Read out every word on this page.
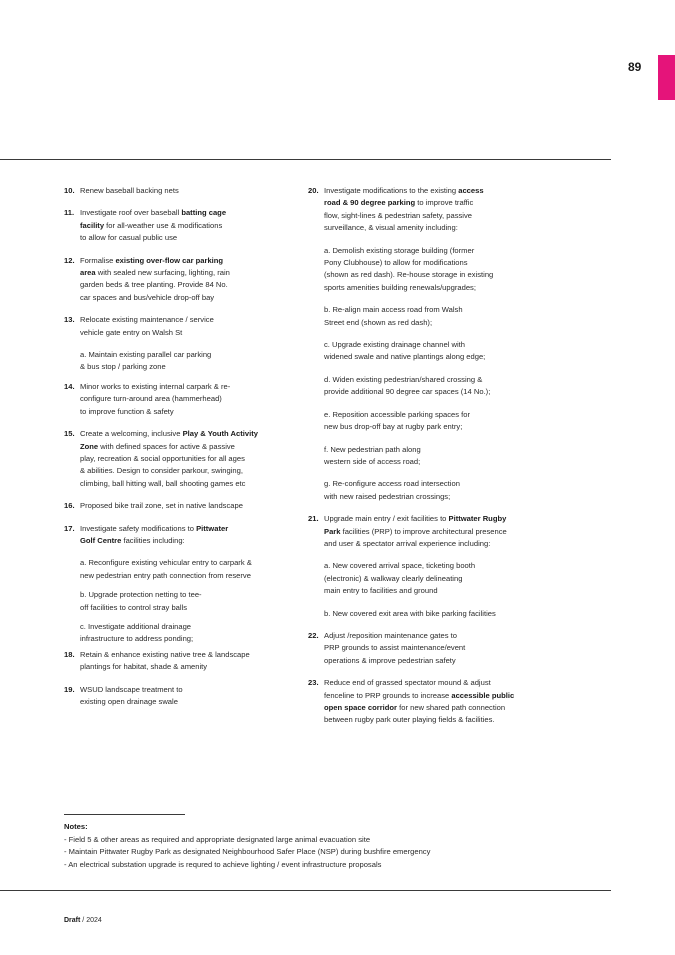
89
10. Renew baseball backing nets
11. Investigate roof over baseball batting cage
facility for all-weather use & modifications
to allow for casual public use
12. Formalise existing over-flow car parking
area with sealed new surfacing, lighting, rain
garden beds & tree planting. Provide 84 No.
car spaces and bus/vehicle drop-off bay
13. Relocate existing maintenance / service
vehicle gate entry on Walsh St
a. Maintain existing parallel car parking
& bus stop / parking zone
14. Minor works to existing internal carpark & re-
configure turn-around area (hammerhead)
to improve function & safety
15. Create a welcoming, inclusive Play & Youth Activity
Zone with defined spaces for active & passive
play, recreation & social opportunities for all ages
& abilities. Design to consider parkour, swinging,
climbing, ball hitting wall, ball shooting games etc
16. Proposed bike trail zone, set in native landscape
17. Investigate safety modifications to Pittwater
Golf Centre facilities including:
a. Reconfigure existing vehicular entry to carpark &
new pedestrian entry path connection from reserve
b. Upgrade protection netting to tee-
off facilities to control stray balls
c. Investigate additional drainage
infrastructure to address ponding;
18. Retain & enhance existing native tree & landscape
plantings for habitat, shade & amenity
19. WSUD landscape treatment to
existing open drainage swale
20. Investigate modifications to the existing access
road & 90 degree parking to improve traffic
flow, sight-lines & pedestrian safety, passive
surveillance, & visual amenity including:
a. Demolish existing storage building (former
Pony Clubhouse) to allow for modifications
(shown as red dash). Re-house storage in existing
sports amenities building renewals/upgrades;
b. Re-align main access road from Walsh
Street end (shown as red dash);
c. Upgrade existing drainage channel with
widened swale and native plantings along edge;
d. Widen existing pedestrian/shared crossing &
provide additional 90 degree car spaces (14 No.);
e. Reposition accessible parking spaces for
new bus drop-off bay at rugby park entry;
f. New pedestrian path along
western side of access road;
g. Re-configure access road intersection
with new raised pedestrian crossings;
21. Upgrade main entry / exit facilities to Pittwater Rugby
Park facilities (PRP) to improve architectural presence
and user & spectator arrival experience including:
a. New covered arrival space, ticketing booth
(electronic) & walkway clearly delineating
main entry to facilities and ground
b. New covered exit area with bike parking facilities
22. Adjust /reposition maintenance gates to
PRP grounds to assist maintenance/event
operations & improve pedestrian safety
23. Reduce end of grassed spectator mound & adjust
fenceline to PRP grounds to increase accessible public
open space corridor for new shared path connection
between rugby park outer playing fields & facilities.
Notes:
- Field 5 & other areas as required and appropriate designated large animal evacuation site
- Maintain Pittwater Rugby Park as designated Neighbourhood Safer Place (NSP) during bushfire emergency
- An electrical substation upgrade is requred to achieve lighting / event infrastructure proposals
Draft / 2024
